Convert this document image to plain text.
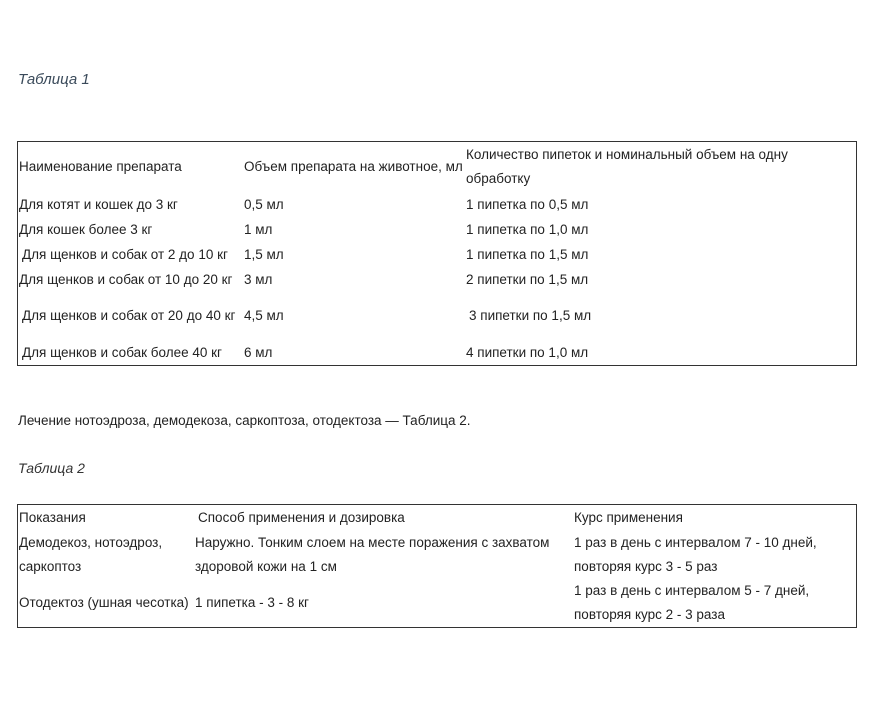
Таблица 1
Наименование препарата	Объем препарата на животное, мл	Количество пипеток и номинальный объем на одну обработку
Для котят и кошек до 3 кг	0,5 мл	1 пипетка по 0,5 мл
Для кошек более 3 кг	1 мл	1 пипетка по 1,0 мл
Для щенков и собак от 2 до 10 кг	1,5 мл	1 пипетка по 1,5 мл
Для щенков и собак от 10 до 20 кг	3 мл	2 пипетки по 1,5 мл
Для щенков и собак от 20 до 40 кг	4,5 мл	3 пипетки по 1,5 мл
Для щенков и собак более 40 кг	6 мл	4 пипетки по 1,0 мл
Лечение нотоэдроза, демодекоза, саркоптоза, отодектоза — Таблица 2.
Таблица 2
Показания	Способ применения и дозировка	Курс применения
Демодекоз, нотоэдроз, саркоптоз	Наружно. Тонким слоем на месте поражения с захватом здоровой кожи на 1 см	1 раз в день с интервалом 7 - 10 дней, повторяя курс 3 - 5 раз
Отодектоз (ушная чесотка)	1 пипетка - 3 - 8 кг	1 раз в день с интервалом 5 - 7 дней, повторяя курс 2 - 3 раза
